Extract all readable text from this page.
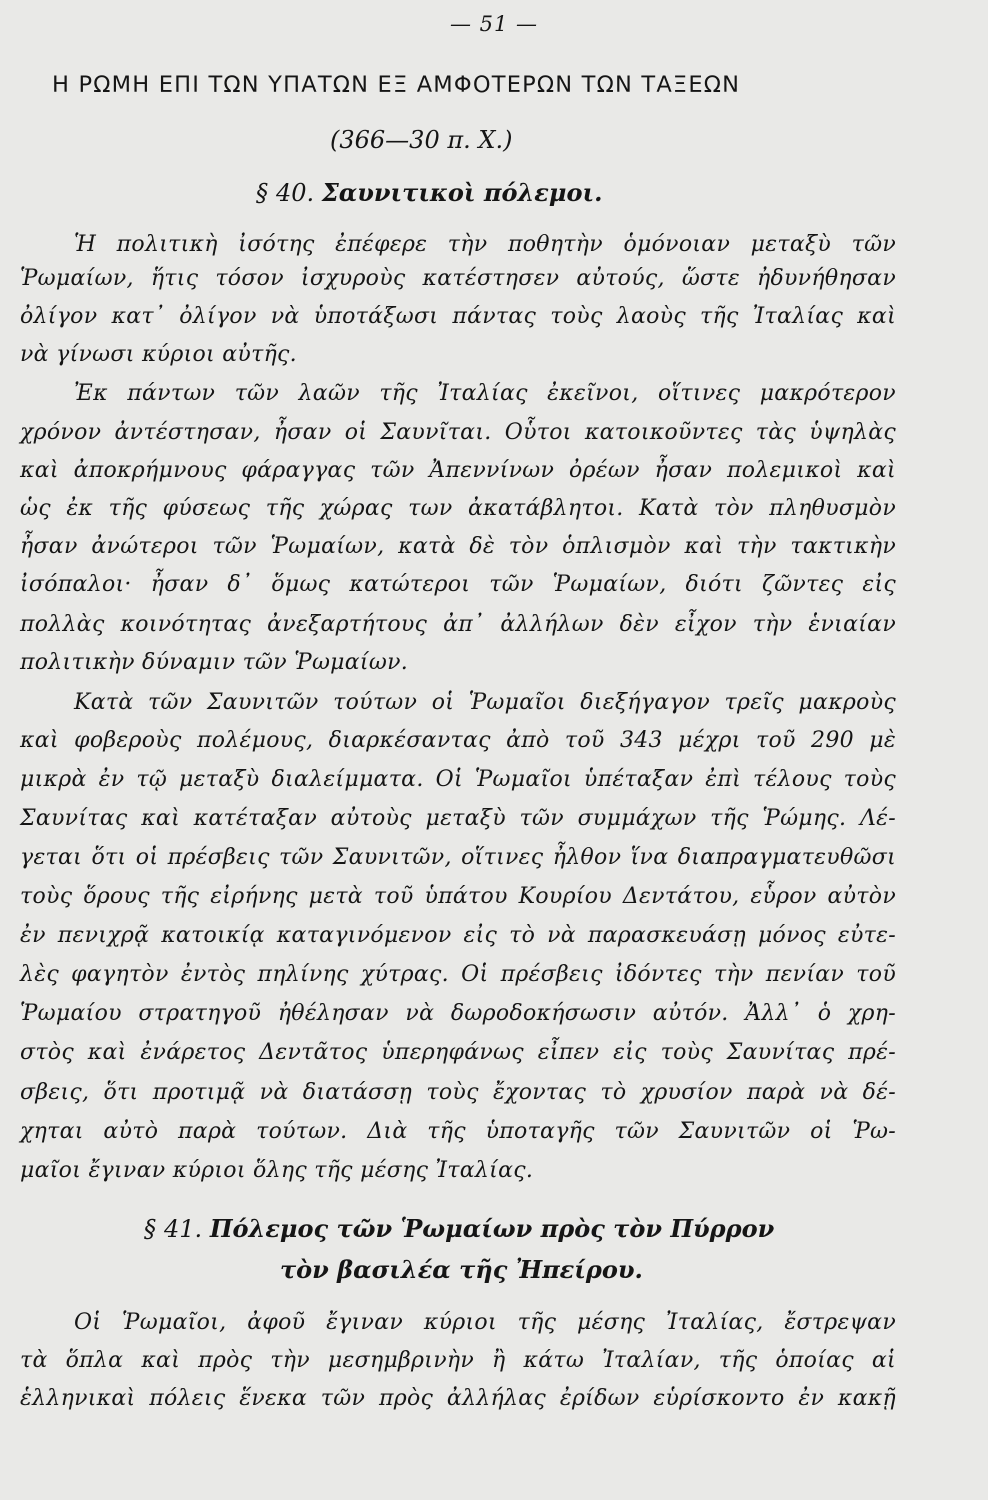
— 51 —
Η ΡΩΜΗ ΕΠΙ ΤΩΝ ΥΠΑΤΩΝ ΕΞ ΑΜΦΟΤΕΡΩΝ ΤΩΝ ΤΑΞΕΩΝ
(366—30 π. Χ.)
§ 40. Σαυνιτικοὶ πόλεμοι.
Ἡ πολιτικὴ ἰσότης ἐπέφερε τὴν ποθητὴν ὁμόνοιαν μεταξὺ τῶν
Ῥωμαίων, ἥτις τόσον ἰσχυροὺς κατέστησεν αὐτούς, ὥστε ἠδυνήθησαν
ὀλίγον κατ᾿ ὀλίγον νὰ ὑποτάξωσι πάντας τοὺς λαοὺς τῆς Ἰταλίας καὶ
νὰ γίνωσι κύριοι αὐτῆς.
Ἐκ πάντων τῶν λαῶν τῆς Ἰταλίας ἐκεῖνοι, οἵτινες μακρότερον
χρόνον ἀντέστησαν, ἦσαν οἱ Σαυνῖται. Οὗτοι κατοικοῦντες τὰς ὑψηλὰς
καὶ ἀποκρήμνους φάραγγας τῶν Ἀπεννίνων ὀρέων ἦσαν πολεμικοὶ καὶ
ὡς ἐκ τῆς φύσεως τῆς χώρας των ἀκατάβλητοι. Κατὰ τὸν πληθυσμὸν
ἦσαν ἀνώτεροι τῶν Ῥωμαίων, κατὰ δὲ τὸν ὁπλισμὸν καὶ τὴν τακτικὴν
ἰσόπαλοι· ἦσαν δ᾿ ὅμως κατώτεροι τῶν Ῥωμαίων, διότι ζῶντες εἰς
πολλὰς κοινότητας ἀνεξαρτήτους ἀπ᾿ ἀλλήλων δὲν εἶχον τὴν ἑνιαίαν
πολιτικὴν δύναμιν τῶν Ῥωμαίων.
Κατὰ τῶν Σαυνιτῶν τούτων οἱ Ῥωμαῖοι διεξήγαγον τρεῖς μακροὺς
καὶ φοβεροὺς πολέμους, διαρκέσαντας ἀπὸ τοῦ 343 μέχρι τοῦ 290 μὲ
μικρὰ ἐν τῷ μεταξὺ διαλείμματα. Οἱ Ῥωμαῖοι ὑπέταξαν ἐπὶ τέλους τοὺς
Σαυνίτας καὶ κατέταξαν αὐτοὺς μεταξὺ τῶν συμμάχων τῆς Ῥώμης. Λέ-
γεται ὅτι οἱ πρέσβεις τῶν Σαυνιτῶν, οἵτινες ἦλθον ἵνα διαπραγματευθῶσι
τοὺς ὅρους τῆς εἰρήνης μετὰ τοῦ ὑπάτου Κουρίου Δεντάτου, εὗρον αὐτὸν
ἐν πενιχρᾷ κατοικίᾳ καταγινόμενον εἰς τὸ νὰ παρασκευάσῃ μόνος εὐτε-
λὲς φαγητὸν ἐντὸς πηλίνης χύτρας. Οἱ πρέσβεις ἰδόντες τὴν πενίαν τοῦ
Ῥωμαίου στρατηγοῦ ἠθέλησαν νὰ δωροδοκήσωσιν αὐτόν. Ἀλλ᾿ ὁ χρη-
στὸς καὶ ἐνάρετος Δεντᾶτος ὑπερηφάνως εἶπεν εἰς τοὺς Σαυνίτας πρέ-
σβεις, ὅτι προτιμᾷ νὰ διατάσσῃ τοὺς ἔχοντας τὸ χρυσίον παρὰ νὰ δέ-
χηται αὐτὸ παρὰ τούτων. Διὰ τῆς ὑποταγῆς τῶν Σαυνιτῶν οἱ Ῥω-
μαῖοι ἔγιναν κύριοι ὅλης τῆς μέσης Ἰταλίας.
§ 41. Πόλεμος τῶν Ῥωμαίων πρὸς τὸν Πύρρον
τὸν βασιλέα τῆς Ἠπείρου.
Οἱ Ῥωμαῖοι, ἀφοῦ ἔγιναν κύριοι τῆς μέσης Ἰταλίας, ἔστρεψαν
τὰ ὅπλα καὶ πρὸς τὴν μεσημβρινὴν ἢ κάτω Ἰταλίαν, τῆς ὁποίας αἱ
ἑλληνικαὶ πόλεις ἕνεκα τῶν πρὸς ἀλλήλας ἐρίδων εὑρίσκοντο ἐν κακῇ
